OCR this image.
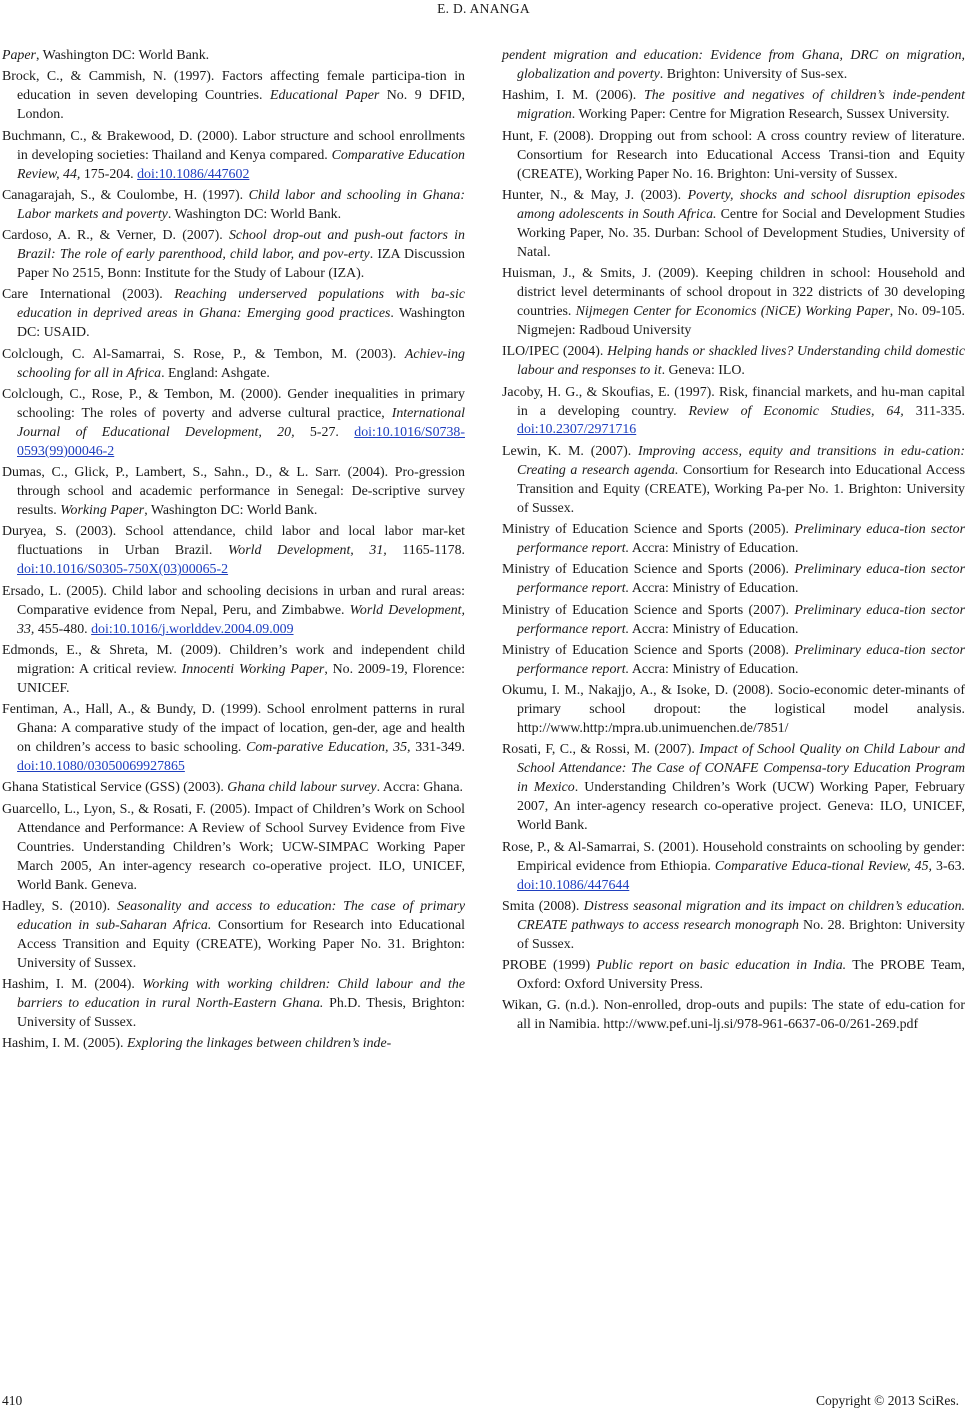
E. D. ANANGA

Paper, Washington DC: World Bank.

Brock, C., & Cammish, N. (1997). Factors affecting female participa-tion in education in seven developing Countries. Educational Paper No. 9 DFID, London.

Buchmann, C., & Brakewood, D. (2000). Labor structure and school enrollments in developing societies: Thailand and Kenya compared. Comparative Education Review, 44, 175-204. doi:10.1086/447602

Canagarajah, S., & Coulombe, H. (1997). Child labor and schooling in Ghana: Labor markets and poverty. Washington DC: World Bank.

Cardoso, A. R., & Verner, D. (2007). School drop-out and push-out factors in Brazil: The role of early parenthood, child labor, and pov-erty. IZA Discussion Paper No 2515, Bonn: Institute for the Study of Labour (IZA).

Care International (2003). Reaching underserved populations with ba-sic education in deprived areas in Ghana: Emerging good practices. Washington DC: USAID.

Colclough, C. Al-Samarrai, S. Rose, P., & Tembon, M. (2003). Achiev-ing schooling for all in Africa. England: Ashgate.

Colclough, C., Rose, P., & Tembon, M. (2000). Gender inequalities in primary schooling: The roles of poverty and adverse cultural practice, International Journal of Educational Development, 20, 5-27. doi:10.1016/S0738-0593(99)00046-2

Dumas, C., Glick, P., Lambert, S., Sahn., D., & L. Sarr. (2004). Pro-gression through school and academic performance in Senegal: De-scriptive survey results. Working Paper, Washington DC: World Bank.

Duryea, S. (2003). School attendance, child labor and local labor mar-ket fluctuations in Urban Brazil. World Development, 31, 1165-1178. doi:10.1016/S0305-750X(03)00065-2

Ersado, L. (2005). Child labor and schooling decisions in urban and rural areas: Comparative evidence from Nepal, Peru, and Zimbabwe. World Development, 33, 455-480. doi:10.1016/j.worlddev.2004.09.009

Edmonds, E., & Shreta, M. (2009). Children’s work and independent child migration: A critical review. Innocenti Working Paper, No. 2009-19, Florence: UNICEF.

Fentiman, A., Hall, A., & Bundy, D. (1999). School enrolment patterns in rural Ghana: A comparative study of the impact of location, gen-der, age and health on children’s access to basic schooling. Com-parative Education, 35, 331-349. doi:10.1080/03050069927865

Ghana Statistical Service (GSS) (2003). Ghana child labour survey. Accra: Ghana.

Guarcello, L., Lyon, S., & Rosati, F. (2005). Impact of Children’s Work on School Attendance and Performance: A Review of School Survey Evidence from Five Countries. Understanding Children’s Work; UCW-SIMPAC Working Paper March 2005, An inter-agency research co-operative project. ILO, UNICEF, World Bank. Geneva.

Hadley, S. (2010). Seasonality and access to education: The case of primary education in sub-Saharan Africa. Consortium for Research into Educational Access Transition and Equity (CREATE), Working Paper No. 31. Brighton: University of Sussex.

Hashim, I. M. (2004). Working with working children: Child labour and the barriers to education in rural North-Eastern Ghana. Ph.D. Thesis, Brighton: University of Sussex.

Hashim, I. M. (2005). Exploring the linkages between children’s inde-

pendent migration and education: Evidence from Ghana, DRC on migration, globalization and poverty. Brighton: University of Sus-sex.

Hashim, I. M. (2006). The positive and negatives of children’s inde-pendent migration. Working Paper: Centre for Migration Research, Sussex University.

Hunt, F. (2008). Dropping out from school: A cross country review of literature. Consortium for Research into Educational Access Transi-tion and Equity (CREATE), Working Paper No. 16. Brighton: Uni-versity of Sussex.

Hunter, N., & May, J. (2003). Poverty, shocks and school disruption episodes among adolescents in South Africa. Centre for Social and Development Studies Working Paper, No. 35. Durban: School of Development Studies, University of Natal.

Huisman, J., & Smits, J. (2009). Keeping children in school: Household and district level determinants of school dropout in 322 districts of 30 developing countries. Nijmegen Center for Economics (NiCE) Working Paper, No. 09-105. Nigmejen: Radboud University

ILO/IPEC (2004). Helping hands or shackled lives? Understanding child domestic labour and responses to it. Geneva: ILO.

Jacoby, H. G., & Skoufias, E. (1997). Risk, financial markets, and hu-man capital in a developing country. Review of Economic Studies, 64, 311-335. doi:10.2307/2971716

Lewin, K. M. (2007). Improving access, equity and transitions in edu-cation: Creating a research agenda. Consortium for Research into Educational Access Transition and Equity (CREATE), Working Pa-per No. 1. Brighton: University of Sussex.

Ministry of Education Science and Sports (2005). Preliminary educa-tion sector performance report. Accra: Ministry of Education.

Ministry of Education Science and Sports (2006). Preliminary educa-tion sector performance report. Accra: Ministry of Education.

Ministry of Education Science and Sports (2007). Preliminary educa-tion sector performance report. Accra: Ministry of Education.

Ministry of Education Science and Sports (2008). Preliminary educa-tion sector performance report. Accra: Ministry of Education.

Okumu, I. M., Nakajjo, A., & Isoke, D. (2008). Socio-economic deter-minants of primary school dropout: the logistical model analysis. http://www.http:/mpra.ub.unimuenchen.de/7851/

Rosati, F, C., & Rossi, M. (2007). Impact of School Quality on Child Labour and School Attendance: The Case of CONAFE Compensa-tory Education Program in Mexico. Understanding Children’s Work (UCW) Working Paper, February 2007, An inter-agency research co-operative project. Geneva: ILO, UNICEF, World Bank.

Rose, P., & Al-Samarrai, S. (2001). Household constraints on schooling by gender: Empirical evidence from Ethiopia. Comparative Educa-tional Review, 45, 3-63. doi:10.1086/447644

Smita (2008). Distress seasonal migration and its impact on children’s education. CREATE pathways to access research monograph No. 28. Brighton: University of Sussex.

PROBE (1999) Public report on basic education in India. The PROBE Team, Oxford: Oxford University Press.

Wikan, G. (n.d.). Non-enrolled, drop-outs and pupils: The state of edu-cation for all in Namibia. http://www.pef.uni-lj.si/978-961-6637-06-0/261-269.pdf

410	Copyright © 2013 SciRes.
